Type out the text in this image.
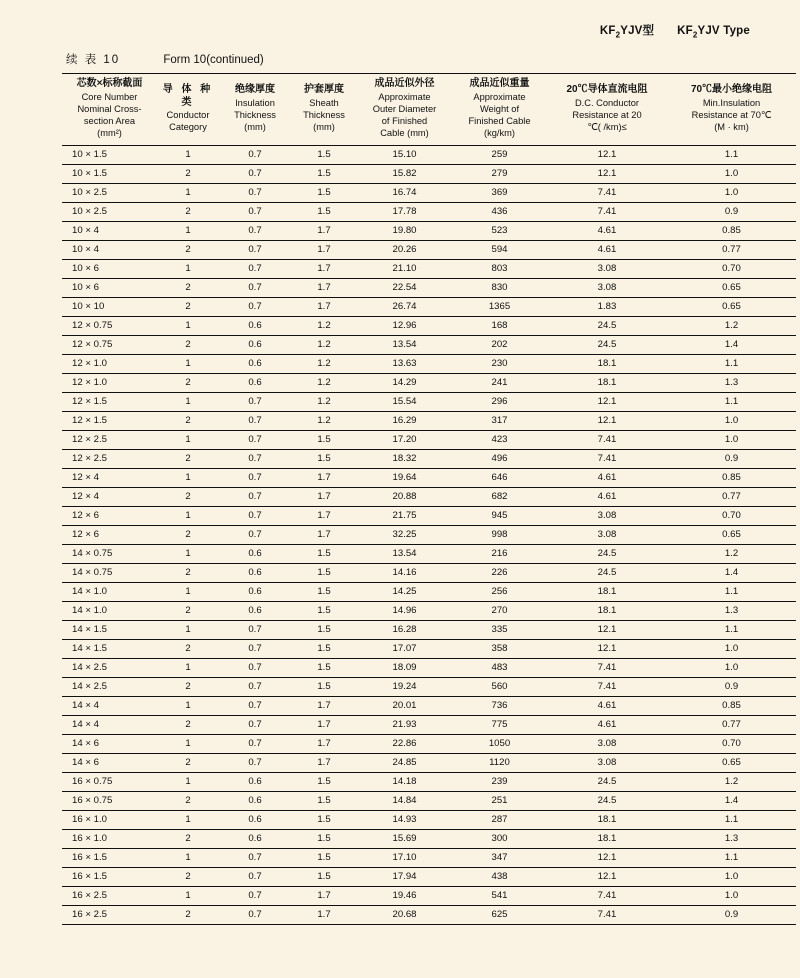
$KF_2YJV$型 $KF_2YJV$ Type
续 表 10	Form 10(continued)
芯数×标称截面
Core Number
Nominal Cross-
section Area
(mm²)	导 体 种 类
Conductor
Category	绝缘厚度
Insulation
Thickness
(mm)	护套厚度
Sheath
Thickness
(mm)	成品近似外径
Approximate
Outer Diameter
of Finished
Cable (mm)	成品近似重量
Approximate
Weight of
Finished Cable
(kg/km)	20℃导体直流电阻
D.C. Conductor
Resistance at 20
℃( /km)≤	70℃最小绝缘电阻
Min.Insulation
Resistance at 70℃
(M · km)
10 × 1.5	1	0.7	1.5	15.10	259	12.1	1.1
10 × 1.5	2	0.7	1.5	15.82	279	12.1	1.0
10 × 2.5	1	0.7	1.5	16.74	369	7.41	1.0
10 × 2.5	2	0.7	1.5	17.78	436	7.41	0.9
10 × 4	1	0.7	1.7	19.80	523	4.61	0.85
10 × 4	2	0.7	1.7	20.26	594	4.61	0.77
10 × 6	1	0.7	1.7	21.10	803	3.08	0.70
10 × 6	2	0.7	1.7	22.54	830	3.08	0.65
10 × 10	2	0.7	1.7	26.74	1365	1.83	0.65
12 × 0.75	1	0.6	1.2	12.96	168	24.5	1.2
12 × 0.75	2	0.6	1.2	13.54	202	24.5	1.4
12 × 1.0	1	0.6	1.2	13.63	230	18.1	1.1
12 × 1.0	2	0.6	1.2	14.29	241	18.1	1.3
12 × 1.5	1	0.7	1.2	15.54	296	12.1	1.1
12 × 1.5	2	0.7	1.2	16.29	317	12.1	1.0
12 × 2.5	1	0.7	1.5	17.20	423	7.41	1.0
12 × 2.5	2	0.7	1.5	18.32	496	7.41	0.9
12 × 4	1	0.7	1.7	19.64	646	4.61	0.85
12 × 4	2	0.7	1.7	20.88	682	4.61	0.77
12 × 6	1	0.7	1.7	21.75	945	3.08	0.70
12 × 6	2	0.7	1.7	32.25	998	3.08	0.65
14 × 0.75	1	0.6	1.5	13.54	216	24.5	1.2
14 × 0.75	2	0.6	1.5	14.16	226	24.5	1.4
14 × 1.0	1	0.6	1.5	14.25	256	18.1	1.1
14 × 1.0	2	0.6	1.5	14.96	270	18.1	1.3
14 × 1.5	1	0.7	1.5	16.28	335	12.1	1.1
14 × 1.5	2	0.7	1.5	17.07	358	12.1	1.0
14 × 2.5	1	0.7	1.5	18.09	483	7.41	1.0
14 × 2.5	2	0.7	1.5	19.24	560	7.41	0.9
14 × 4	1	0.7	1.7	20.01	736	4.61	0.85
14 × 4	2	0.7	1.7	21.93	775	4.61	0.77
14 × 6	1	0.7	1.7	22.86	1050	3.08	0.70
14 × 6	2	0.7	1.7	24.85	1120	3.08	0.65
16 × 0.75	1	0.6	1.5	14.18	239	24.5	1.2
16 × 0.75	2	0.6	1.5	14.84	251	24.5	1.4
16 × 1.0	1	0.6	1.5	14.93	287	18.1	1.1
16 × 1.0	2	0.6	1.5	15.69	300	18.1	1.3
16 × 1.5	1	0.7	1.5	17.10	347	12.1	1.1
16 × 1.5	2	0.7	1.5	17.94	438	12.1	1.0
16 × 2.5	1	0.7	1.7	19.46	541	7.41	1.0
16 × 2.5	2	0.7	1.7	20.68	625	7.41	0.9
